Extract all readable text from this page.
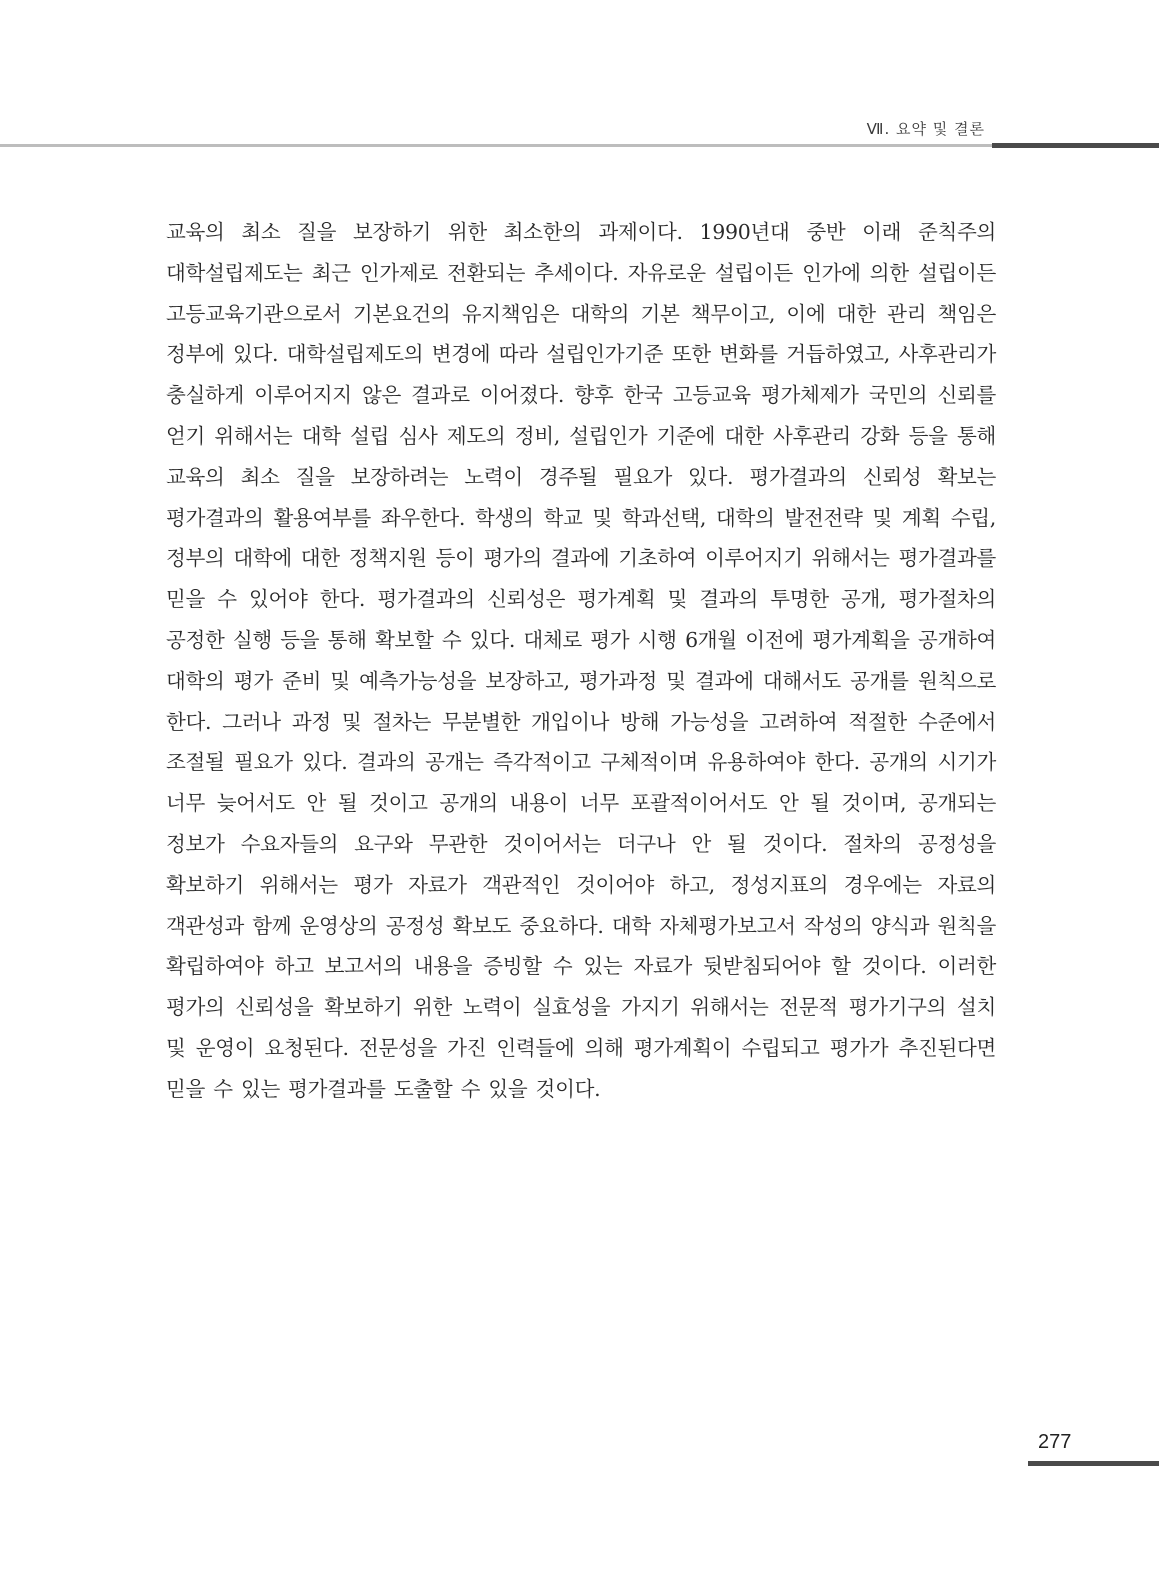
Ⅶ. 요약 및 결론

교육의 최소 질을 보장하기 위한 최소한의 과제이다. 1990년대 중반 이래 준칙주의 대학설립제도는 최근 인가제로 전환되는 추세이다. 자유로운 설립이든 인가에 의한 설립이든 고등교육기관으로서 기본요건의 유지책임은 대학의 기본 책무이고, 이에 대한 관리 책임은 정부에 있다. 대학설립제도의 변경에 따라 설립인가기준 또한 변화를 거듭하였고, 사후관리가 충실하게 이루어지지 않은 결과로 이어졌다. 향후 한국 고등교육 평가체제가 국민의 신뢰를 얻기 위해서는 대학 설립 심사 제도의 정비, 설립인가 기준에 대한 사후관리 강화 등을 통해 교육의 최소 질을 보장하려는 노력이 경주될 필요가 있다. 평가결과의 신뢰성 확보는 평가결과의 활용여부를 좌우한다. 학생의 학교 및 학과선택, 대학의 발전전략 및 계획 수립, 정부의 대학에 대한 정책지원 등이 평가의 결과에 기초하여 이루어지기 위해서는 평가결과를 믿을 수 있어야 한다. 평가결과의 신뢰성은 평가계획 및 결과의 투명한 공개, 평가절차의 공정한 실행 등을 통해 확보할 수 있다. 대체로 평가 시행 6개월 이전에 평가계획을 공개하여 대학의 평가 준비 및 예측가능성을 보장하고, 평가과정 및 결과에 대해서도 공개를 원칙으로 한다. 그러나 과정 및 절차는 무분별한 개입이나 방해 가능성을 고려하여 적절한 수준에서 조절될 필요가 있다. 결과의 공개는 즉각적이고 구체적이며 유용하여야 한다. 공개의 시기가 너무 늦어서도 안 될 것이고 공개의 내용이 너무 포괄적이어서도 안 될 것이며, 공개되는 정보가 수요자들의 요구와 무관한 것이어서는 더구나 안 될 것이다. 절차의 공정성을 확보하기 위해서는 평가 자료가 객관적인 것이어야 하고, 정성지표의 경우에는 자료의 객관성과 함께 운영상의 공정성 확보도 중요하다. 대학 자체평가보고서 작성의 양식과 원칙을 확립하여야 하고 보고서의 내용을 증빙할 수 있는 자료가 뒷받침되어야 할 것이다. 이러한 평가의 신뢰성을 확보하기 위한 노력이 실효성을 가지기 위해서는 전문적 평가기구의 설치 및 운영이 요청된다. 전문성을 가진 인력들에 의해 평가계획이 수립되고 평가가 추진된다면 믿을 수 있는 평가결과를 도출할 수 있을 것이다.

277
